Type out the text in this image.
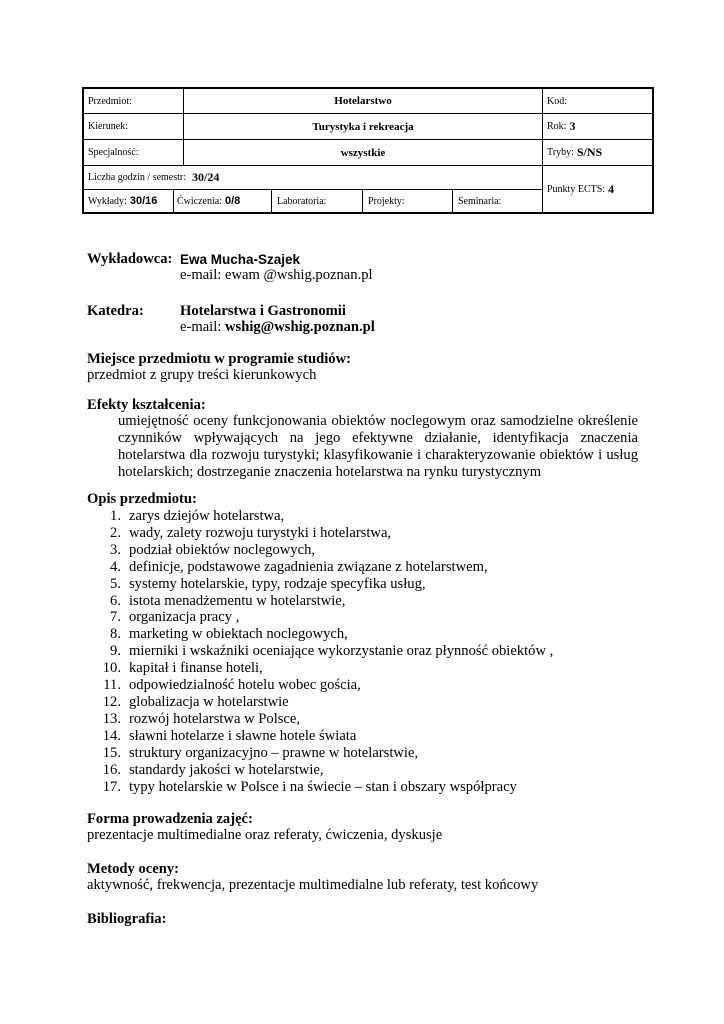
Przedmiot:	Hotelarstwo	Kod:
Kierunek:	Turystyka i rekreacja	Rok: 3
Specjalność:	wszystkie	Tryby: S/NS
Liczba godzin / semestr: 30/24
Punkty ECTS: 4
Wykłady: 30/16 Ćwiczenia: 0/8	Laboratoria:	Projekty:	Seminaria:
Wykładowca: Ewa Mucha-Szajek
e-mail: ewam @wshig.poznan.pl
Katedra: Hotelarstwa i Gastronomii
e-mail: wshig@wshig.poznan.pl
Miejsce przedmiotu w programie studiów:
przedmiot z grupy treści kierunkowych
Efekty kształcenia:
umiejętność oceny funkcjonowania obiektów noclegowym oraz samodzielne określenie czynników wpływających na jego efektywne działanie, identyfikacja znaczenia hotelarstwa dla rozwoju turystyki; klasyfikowanie i charakteryzowanie obiektów i usług hotelarskich; dostrzeganie znaczenia hotelarstwa na rynku turystycznym
Opis przedmiotu:
1. zarys dziejów hotelarstwa,
2. wady, zalety rozwoju turystyki i hotelarstwa,
3. podział obiektów noclegowych,
4. definicje, podstawowe zagadnienia związane z hotelarstwem,
5. systemy hotelarskie, typy, rodzaje specyfika usług,
6. istota menadżementu w hotelarstwie,
7. organizacja pracy ,
8. marketing w obiektach noclegowych,
9. mierniki i wskaźniki oceniające wykorzystanie oraz płynność obiektów ,
10. kapitał i finanse hoteli,
11. odpowiedzialność hotelu wobec gościa,
12. globalizacja w hotelarstwie
13. rozwój hotelarstwa w Polsce,
14. sławni hotelarze i sławne hotele świata
15. struktury organizacyjno – prawne w hotelarstwie,
16. standardy jakości w hotelarstwie,
17. typy hotelarskie w Polsce i na świecie – stan i obszary współpracy
Forma prowadzenia zajęć:
prezentacje multimedialne oraz referaty, ćwiczenia, dyskusje
Metody oceny:
aktywność, frekwencja, prezentacje multimedialne lub referaty, test końcowy
Bibliografia:
